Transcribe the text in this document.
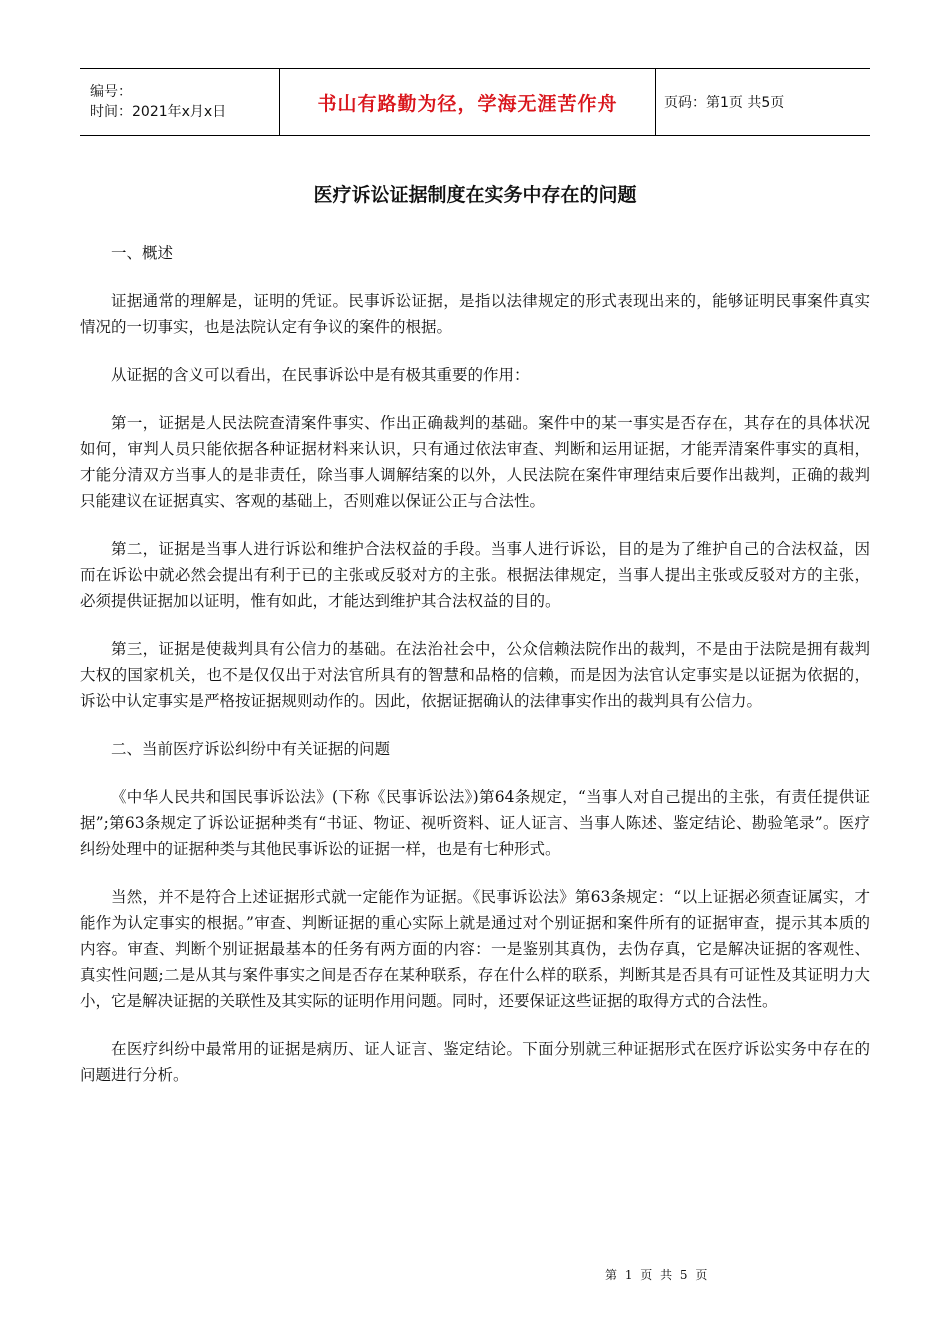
编号：
时间：2021年x月x日	书山有路勤为径，学海无涯苦作舟	页码：第1页 共5页
医疗诉讼证据制度在实务中存在的问题

一、概述

证据通常的理解是，证明的凭证。民事诉讼证据，是指以法律规定的形式表现出来的，能够证明民事案件真实情况的一切事实，也是法院认定有争议的案件的根据。

从证据的含义可以看出，在民事诉讼中是有极其重要的作用：

第一，证据是人民法院查清案件事实、作出正确裁判的基础。案件中的某一事实是否存在，其存在的具体状况如何，审判人员只能依据各种证据材料来认识，只有通过依法审查、判断和运用证据，才能弄清案件事实的真相，才能分清双方当事人的是非责任，除当事人调解结案的以外，人民法院在案件审理结束后要作出裁判，正确的裁判只能建议在证据真实、客观的基础上，否则难以保证公正与合法性。

第二，证据是当事人进行诉讼和维护合法权益的手段。当事人进行诉讼，目的是为了维护自己的合法权益，因而在诉讼中就必然会提出有利于已的主张或反驳对方的主张。根据法律规定，当事人提出主张或反驳对方的主张，必须提供证据加以证明，惟有如此，才能达到维护其合法权益的目的。

第三，证据是使裁判具有公信力的基础。在法治社会中，公众信赖法院作出的裁判，不是由于法院是拥有裁判大权的国家机关，也不是仅仅出于对法官所具有的智慧和品格的信赖，而是因为法官认定事实是以证据为依据的，诉讼中认定事实是严格按证据规则动作的。因此，依据证据确认的法律事实作出的裁判具有公信力。

二、当前医疗诉讼纠纷中有关证据的问题

《中华人民共和国民事诉讼法》(下称《民事诉讼法》)第64条规定，“当事人对自己提出的主张，有责任提供证据”;第63条规定了诉讼证据种类有“书证、物证、视听资料、证人证言、当事人陈述、鉴定结论、勘验笔录”。医疗纠纷处理中的证据种类与其他民事诉讼的证据一样，也是有七种形式。

当然，并不是符合上述证据形式就一定能作为证据。《民事诉讼法》第63条规定：“以上证据必须查证属实，才能作为认定事实的根据。”审查、判断证据的重心实际上就是通过对个别证据和案件所有的证据审查，提示其本质的内容。审查、判断个别证据最基本的任务有两方面的内容：一是鉴别其真伪，去伪存真，它是解决证据的客观性、真实性问题;二是从其与案件事实之间是否存在某种联系，存在什么样的联系，判断其是否具有可证性及其证明力大小，它是解决证据的关联性及其实际的证明作用问题。同时，还要保证这些证据的取得方式的合法性。

在医疗纠纷中最常用的证据是病历、证人证言、鉴定结论。下面分别就三种证据形式在医疗诉讼实务中存在的问题进行分析。

第 1 页 共 5 页
